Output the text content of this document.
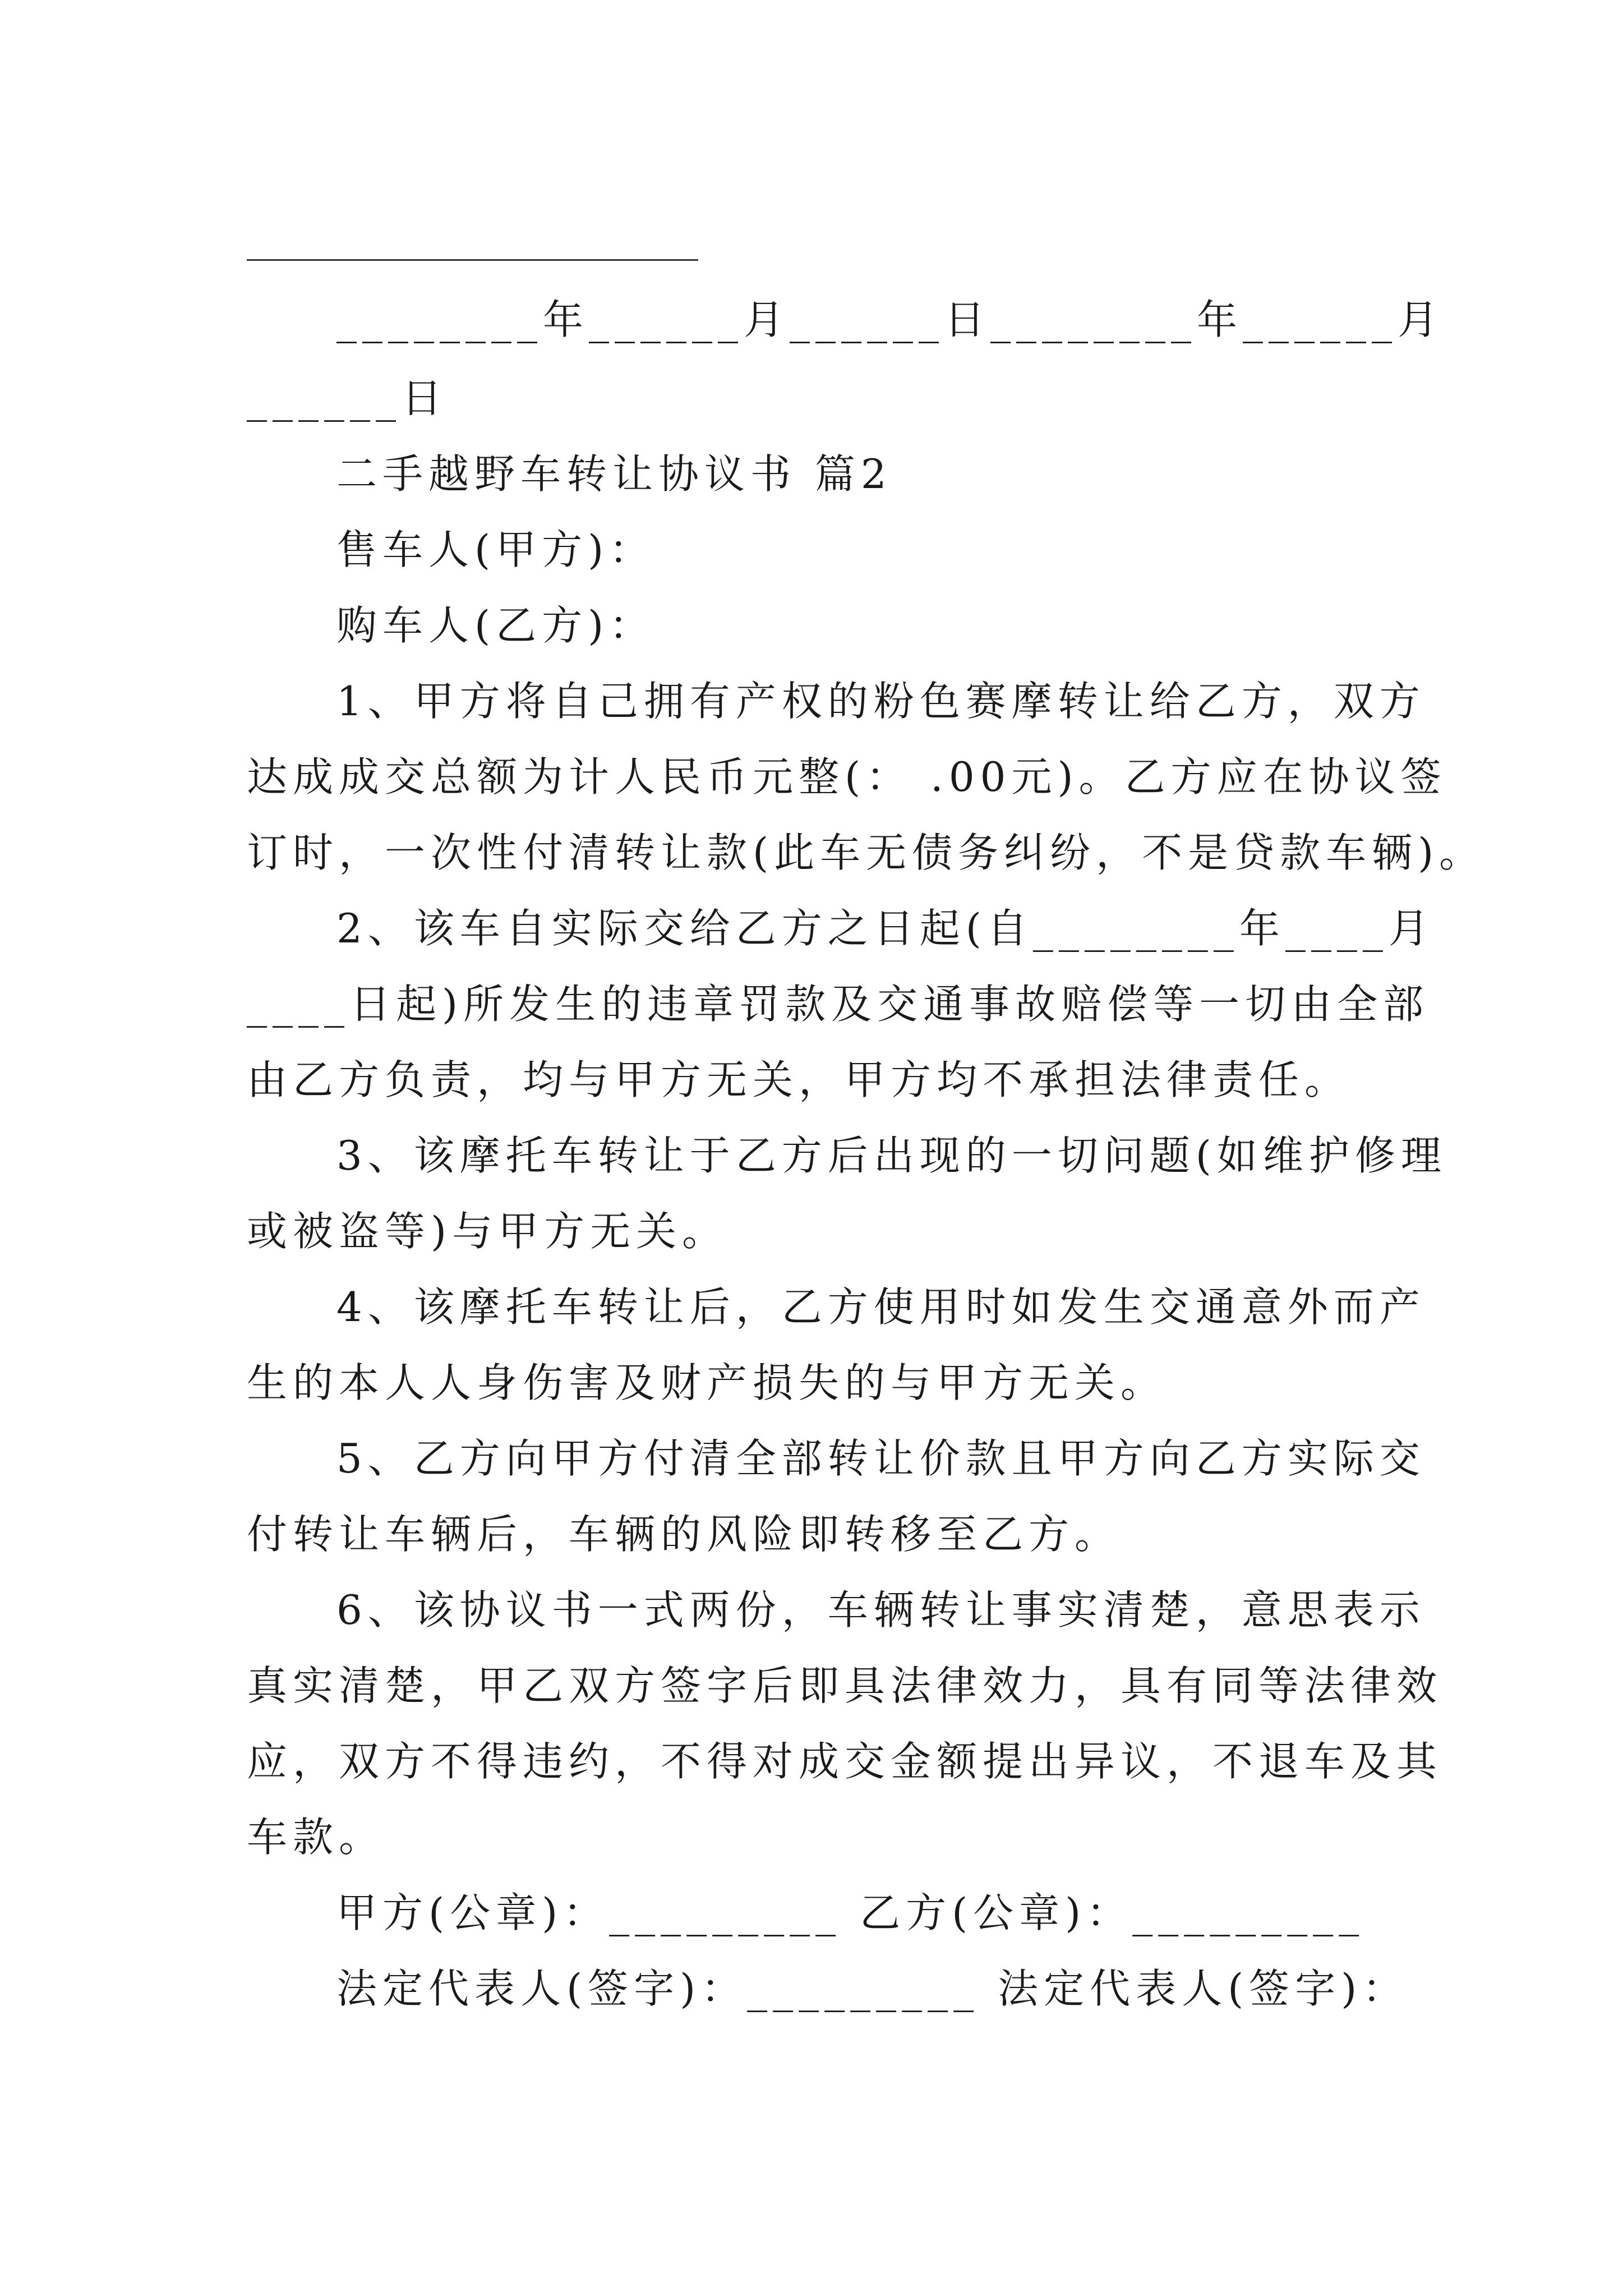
________年______月______日________年______月
______日
二手越野车转让协议书 篇2
售车人(甲方)：
购车人(乙方)：
1、甲方将自己拥有产权的粉色赛摩转让给乙方，双方
达成成交总额为计人民币元整(： .00元)。乙方应在协议签
订时，一次性付清转让款(此车无债务纠纷，不是贷款车辆)。
2、该车自实际交给乙方之日起(自________年____月
____日起)所发生的违章罚款及交通事故赔偿等一切由全部
由乙方负责，均与甲方无关，甲方均不承担法律责任。
3、该摩托车转让于乙方后出现的一切问题(如维护修理
或被盗等)与甲方无关。
4、该摩托车转让后，乙方使用时如发生交通意外而产
生的本人人身伤害及财产损失的与甲方无关。
5、乙方向甲方付清全部转让价款且甲方向乙方实际交
付转让车辆后，车辆的风险即转移至乙方。
6、该协议书一式两份，车辆转让事实清楚，意思表示
真实清楚，甲乙双方签字后即具法律效力，具有同等法律效
应，双方不得违约，不得对成交金额提出异议，不退车及其
车款。
甲方(公章)：_________ 乙方(公章)：_________
法定代表人(签字)：_________ 法定代表人(签字)：
